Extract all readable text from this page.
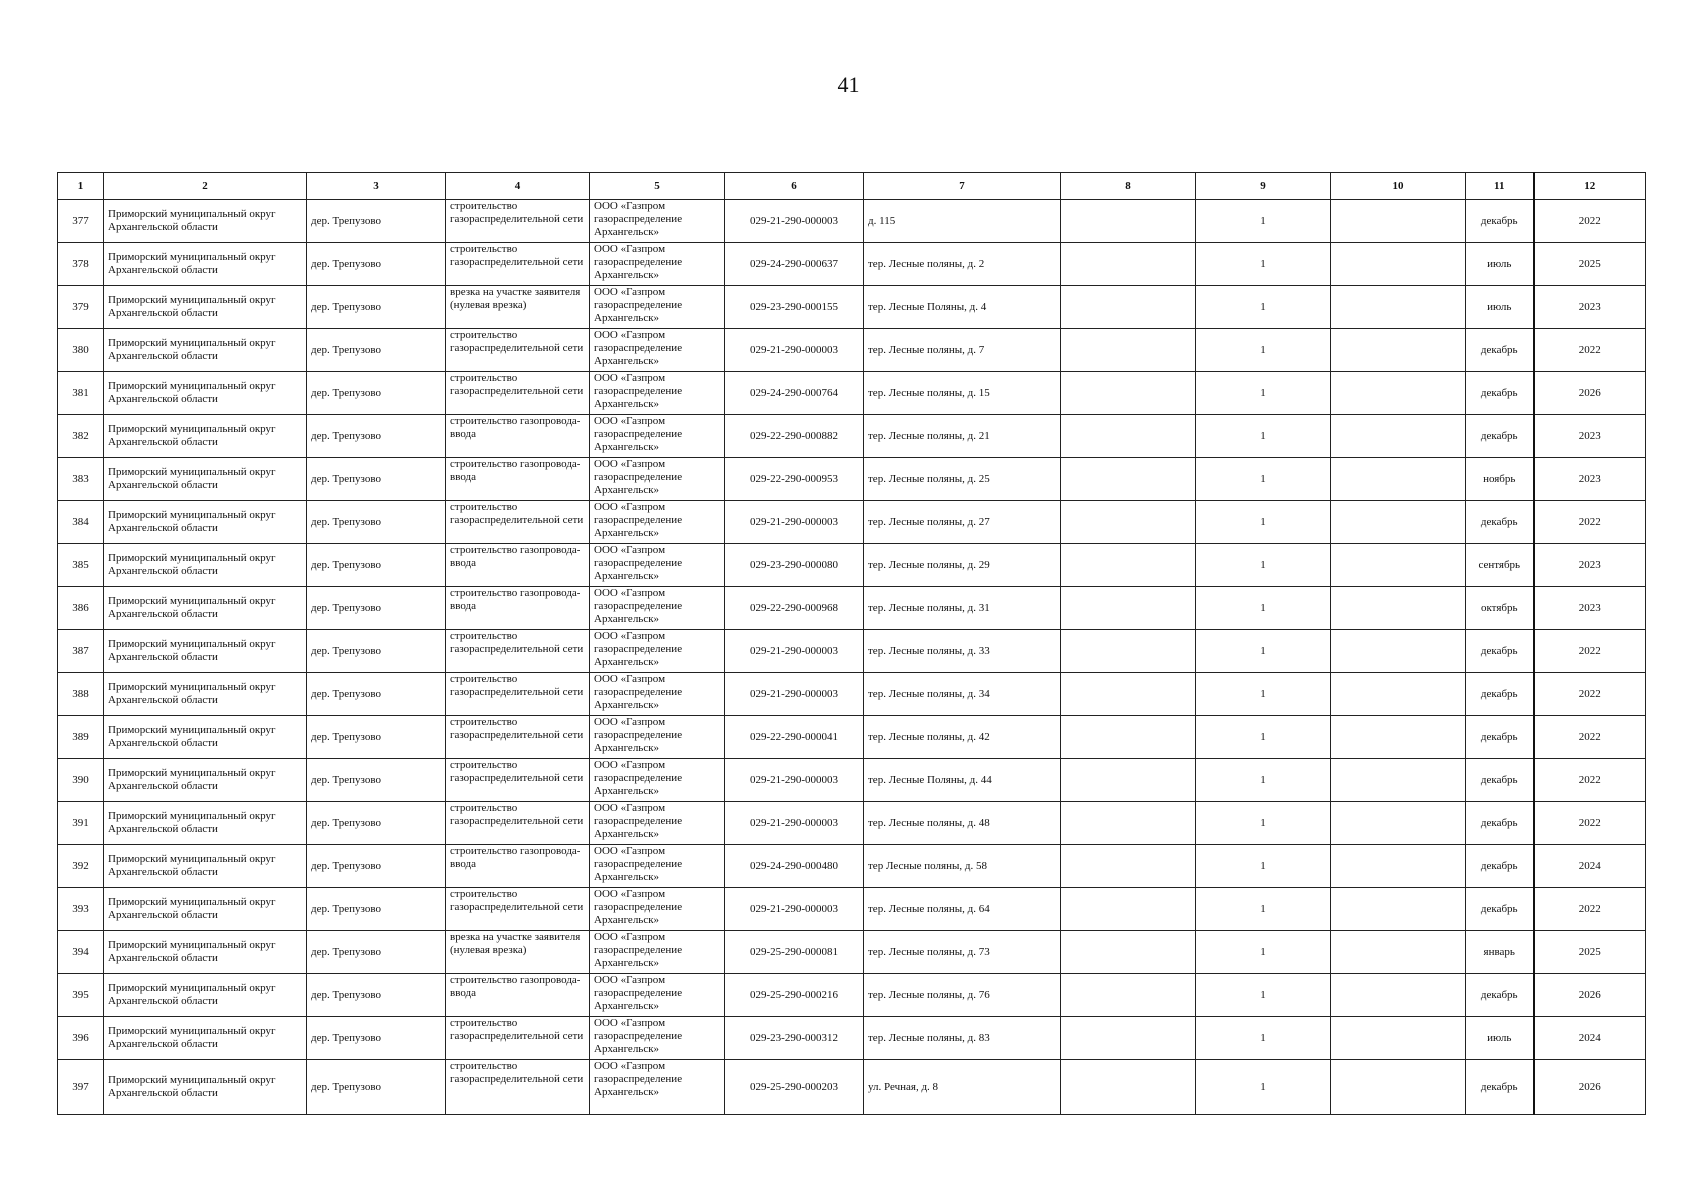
41
1	2	3	4	5	6	7	8	9	10	11	12
377	Приморский муниципальный округ Архангельской области	дер. Трепузово	строительство газораспределительной сети	ООО «Газпром газораспределение Архангельск»	029-21-290-000003	д. 115		1		декабрь	2022
378	Приморский муниципальный округ Архангельской области	дер. Трепузово	строительство газораспределительной сети	ООО «Газпром газораспределение Архангельск»	029-24-290-000637	тер. Лесные поляны, д. 2		1		июль	2025
379	Приморский муниципальный округ Архангельской области	дер. Трепузово	врезка на участке заявителя (нулевая врезка)	ООО «Газпром газораспределение Архангельск»	029-23-290-000155	тер. Лесные Поляны, д. 4		1		июль	2023
380	Приморский муниципальный округ Архангельской области	дер. Трепузово	строительство газораспределительной сети	ООО «Газпром газораспределение Архангельск»	029-21-290-000003	тер. Лесные поляны, д. 7		1		декабрь	2022
381	Приморский муниципальный округ Архангельской области	дер. Трепузово	строительство газораспределительной сети	ООО «Газпром газораспределение Архангельск»	029-24-290-000764	тер. Лесные поляны, д. 15		1		декабрь	2026
382	Приморский муниципальный округ Архангельской области	дер. Трепузово	строительство газопровода-ввода	ООО «Газпром газораспределение Архангельск»	029-22-290-000882	тер. Лесные поляны, д. 21		1		декабрь	2023
383	Приморский муниципальный округ Архангельской области	дер. Трепузово	строительство газопровода-ввода	ООО «Газпром газораспределение Архангельск»	029-22-290-000953	тер. Лесные поляны, д. 25		1		ноябрь	2023
384	Приморский муниципальный округ Архангельской области	дер. Трепузово	строительство газораспределительной сети	ООО «Газпром газораспределение Архангельск»	029-21-290-000003	тер. Лесные поляны, д. 27		1		декабрь	2022
385	Приморский муниципальный округ Архангельской области	дер. Трепузово	строительство газопровода-ввода	ООО «Газпром газораспределение Архангельск»	029-23-290-000080	тер. Лесные поляны, д. 29		1		сентябрь	2023
386	Приморский муниципальный округ Архангельской области	дер. Трепузово	строительство газопровода-ввода	ООО «Газпром газораспределение Архангельск»	029-22-290-000968	тер. Лесные поляны, д. 31		1		октябрь	2023
387	Приморский муниципальный округ Архангельской области	дер. Трепузово	строительство газораспределительной сети	ООО «Газпром газораспределение Архангельск»	029-21-290-000003	тер. Лесные поляны, д. 33		1		декабрь	2022
388	Приморский муниципальный округ Архангельской области	дер. Трепузово	строительство газораспределительной сети	ООО «Газпром газораспределение Архангельск»	029-21-290-000003	тер. Лесные поляны, д. 34		1		декабрь	2022
389	Приморский муниципальный округ Архангельской области	дер. Трепузово	строительство газораспределительной сети	ООО «Газпром газораспределение Архангельск»	029-22-290-000041	тер. Лесные поляны, д. 42		1		декабрь	2022
390	Приморский муниципальный округ Архангельской области	дер. Трепузово	строительство газораспределительной сети	ООО «Газпром газораспределение Архангельск»	029-21-290-000003	тер. Лесные Поляны, д. 44		1		декабрь	2022
391	Приморский муниципальный округ Архангельской области	дер. Трепузово	строительство газораспределительной сети	ООО «Газпром газораспределение Архангельск»	029-21-290-000003	тер. Лесные поляны, д. 48		1		декабрь	2022
392	Приморский муниципальный округ Архангельской области	дер. Трепузово	строительство газопровода-ввода	ООО «Газпром газораспределение Архангельск»	029-24-290-000480	тер Лесные поляны, д. 58		1		декабрь	2024
393	Приморский муниципальный округ Архангельской области	дер. Трепузово	строительство газораспределительной сети	ООО «Газпром газораспределение Архангельск»	029-21-290-000003	тер. Лесные поляны, д. 64		1		декабрь	2022
394	Приморский муниципальный округ Архангельской области	дер. Трепузово	врезка на участке заявителя (нулевая врезка)	ООО «Газпром газораспределение Архангельск»	029-25-290-000081	тер. Лесные поляны, д. 73		1		январь	2025
395	Приморский муниципальный округ Архангельской области	дер. Трепузово	строительство газопровода-ввода	ООО «Газпром газораспределение Архангельск»	029-25-290-000216	тер. Лесные поляны, д. 76		1		декабрь	2026
396	Приморский муниципальный округ Архангельской области	дер. Трепузово	строительство газораспределительной сети	ООО «Газпром газораспределение Архангельск»	029-23-290-000312	тер. Лесные поляны, д. 83		1		июль	2024
397	Приморский муниципальный округ Архангельской области	дер. Трепузово	строительство газораспределительной сети	ООО «Газпром газораспределение Архангельск»	029-25-290-000203	ул. Речная, д. 8		1		декабрь	2026
